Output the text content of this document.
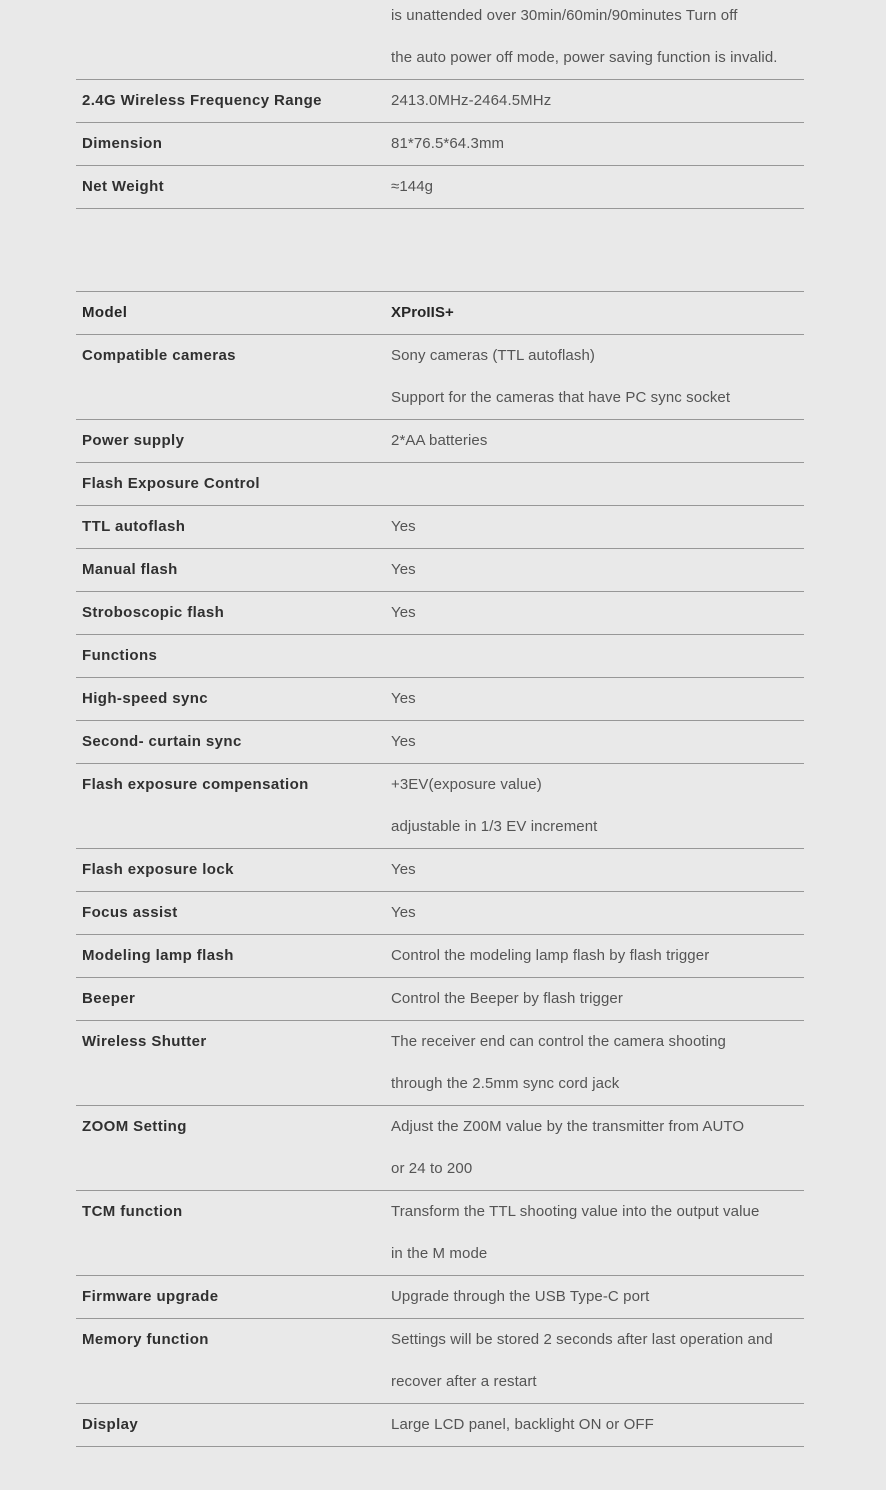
is unattended over 30min/60min/90minutes Turn off
the auto power off mode, power saving function is invalid.
2.4G Wireless Frequency Range	2413.0MHz-2464.5MHz
Dimension	81*76.5*64.3mm
Net Weight	≈144g
Model	XProIIS+
Compatible cameras	Sony cameras (TTL autoflash)
Support for the cameras that have PC sync socket
Power supply	2*AA batteries
Flash Exposure Control
TTL autoflash	Yes
Manual flash	Yes
Stroboscopic flash	Yes
Functions
High-speed sync	Yes
Second- curtain sync	Yes
Flash exposure compensation	+3EV(exposure value)
adjustable in 1/3 EV increment
Flash exposure lock	Yes
Focus assist	Yes
Modeling lamp flash	Control the modeling lamp flash by flash trigger
Beeper	Control the Beeper by flash trigger
Wireless Shutter	The receiver end can control the camera shooting
through the 2.5mm sync cord jack
ZOOM Setting	Adjust the Z00M value by the transmitter from AUTO
or 24 to 200
TCM function	Transform the TTL shooting value into the output value
in the M mode
Firmware upgrade	Upgrade through the USB Type-C port
Memory function	Settings will be stored 2 seconds after last operation and
recover after a restart
Display	Large LCD panel, backlight ON or OFF
